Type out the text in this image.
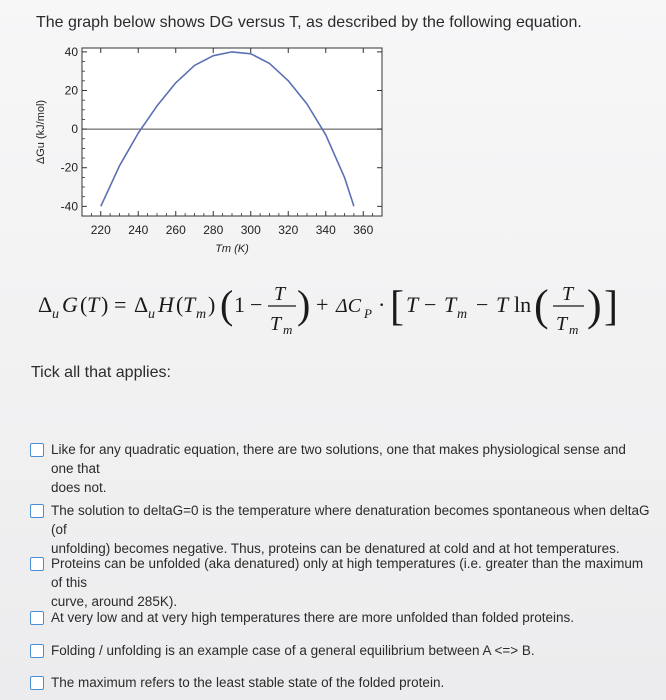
The graph below shows DG versus T, as described by the following equation.
40
20
0
-20
-40
220 240 260 280 300 320 340 360
Tm (K)
ΔGu (kJ/mol)
Δ u G ( T ) = Δ u H ( T m ) ( 1 − T
T m
) + ΔC P · [ T − T m − T ln ( T
T m ) ]
Tick all that applies:
Like for any quadratic equation, there are two solutions, one that makes physiological sense and one that
does not.
The solution to deltaG=0 is the temperature where denaturation becomes spontaneous when deltaG (of
unfolding) becomes negative. Thus, proteins can be denatured at cold and at hot temperatures.
Proteins can be unfolded (aka denatured) only at high temperatures (i.e. greater than the maximum of this
curve, around 285K).
At very low and at very high temperatures there are more unfolded than folded proteins.
Folding / unfolding is an example case of a general equilibrium between A <=> B.
The maximum refers to the least stable state of the folded protein.
